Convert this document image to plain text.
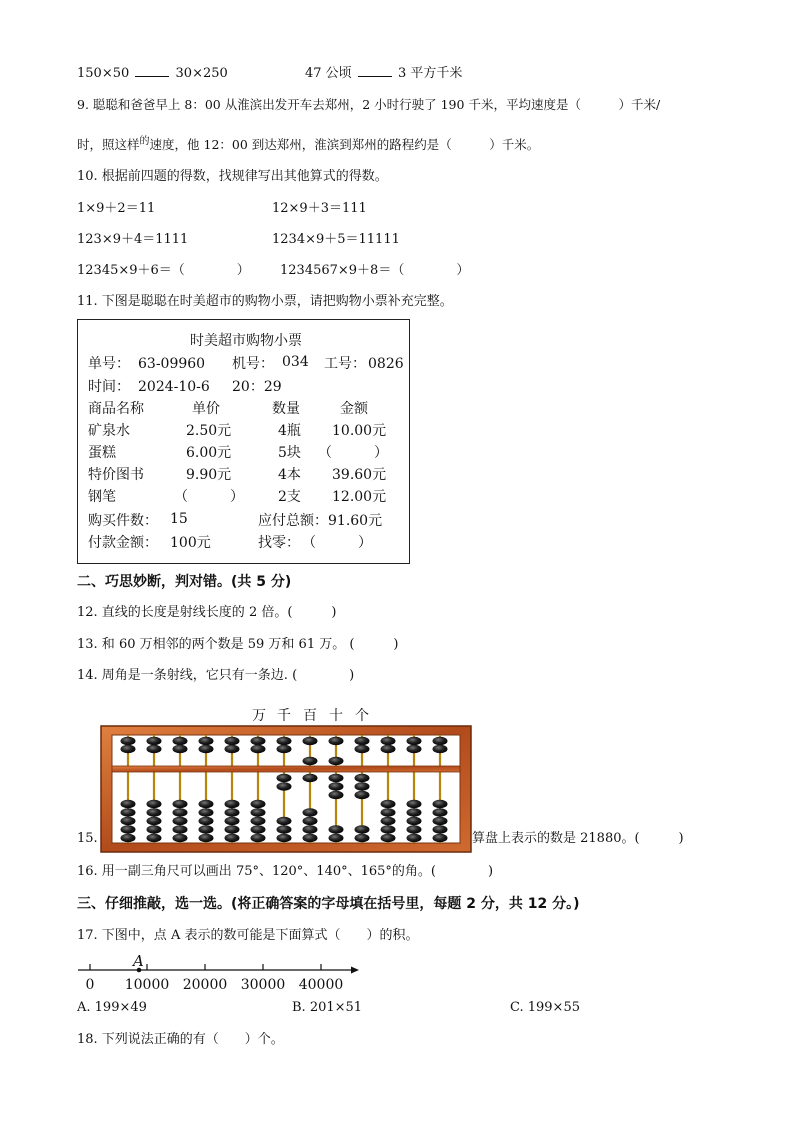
150×50	30×250	47 公顷	3 平方千米
9. 聪聪和爸爸早上 8：00 从淮滨出发开车去郑州，2 小时行驶了 190 千米，平均速度是（　　　）千米/
时，照这样$^的$速度，他 12：00 到达郑州，淮滨到郑州的路程约是（　　　）千米。
10. 根据前四题的得数，找规律写出其他算式的得数。
1×9＋2＝11	12×9＋3＝111
123×9＋4＝1111	1234×9＋5＝11111
12345×9＋6＝（　　　　） 1234567×9＋8＝（　　　　）
11. 下图是聪聪在时美超市的购物小票，请把购物小票补充完整。
时美超市购物小票
单号： 63-09960 机号： 034 工号： 0826
时间： 2024-10-6 20：29
商品名称	单价	数量	金额
矿泉水	2.50元	4瓶 10.00元
蛋糕	6.00元	5块 （　　　）
特价图书	9.90元	4本 39.60元
钢笔	（　　　） 2支 12.00元
购买件数： 15	应付总额： 91.60元
付款金额： 100元	找零： （　　　）
二、巧思妙断，判对错。(共 5 分)
12. 直线的长度是射线长度的 2 倍。(　　　)
13. 和 60 万相邻的两个数是 59 万和 61 万。 (　　　)
14. 周角是一条射线，它只有一条边. (　　　　)
万 千 百 十 个
15.	算盘上表示的数是 21880。(　　　)
16. 用一副三角尺可以画出 75°、120°、140°、165°的角。(　　　　)
三、仔细推敲，选一选。(将正确答案的字母填在括号里，每题 2 分，共 12 分。)
17. 下图中，点 A 表示的数可能是下面算式（　　）的积。
0 10000 20000 30000 40000
A
A. 199×49	B. 201×51	C. 199×55
18. 下列说法正确的有（　　）个。
